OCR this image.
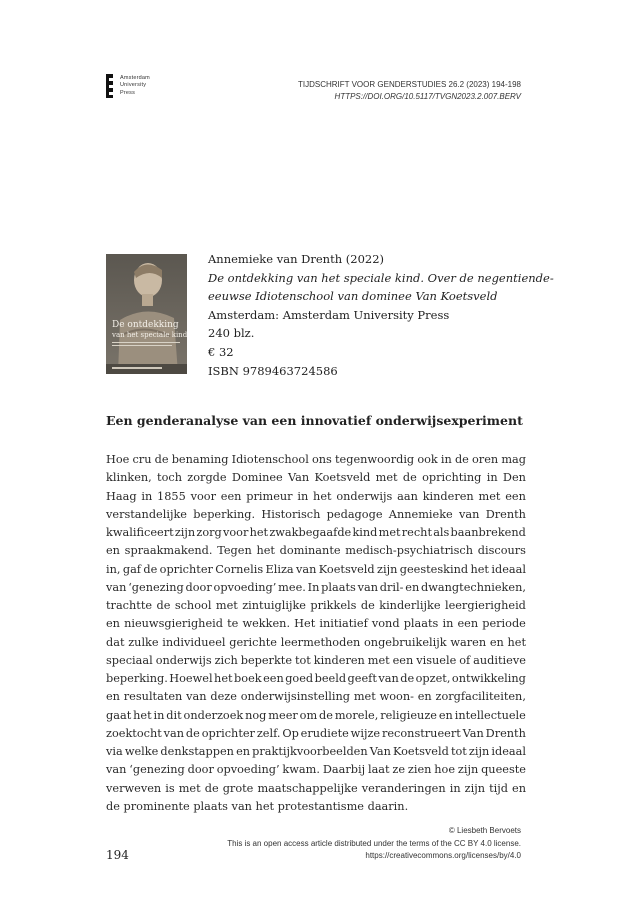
Amsterdam
University
Press
TIJDSCHRIFT VOOR GENDERSTUDIES 26.2 (2023) 194-198
HTTPS://DOI.ORG/10.5117/TVGN2023.2.007.BERV
De ontdekking
van het speciale kind
Annemieke van Drenth (2022)
De ontdekking van het speciale kind. Over de negentiende-
eeuwse Idiotenschool van dominee Van Koetsveld
Amsterdam: Amsterdam University Press
240 blz.
€ 32
ISBN 9789463724586
Een genderanalyse van een innovatief onderwijsexperiment
Hoe cru de benaming Idiotenschool ons tegenwoordig ook in de oren mag
klinken, toch zorgde Dominee Van Koetsveld met de oprichting in Den
Haag in 1855 voor een primeur in het onderwijs aan kinderen met een
verstandelijke beperking. Historisch pedagoge Annemieke van Drenth
kwalificeert zijn zorg voor het zwakbegaafde kind met recht als baanbrekend
en spraakmakend. Tegen het dominante medisch-psychiatrisch discours
in, gaf de oprichter Cornelis Eliza van Koetsveld zijn geesteskind het ideaal
van ‘genezing door opvoeding’ mee. In plaats van dril- en dwangtechnieken,
trachtte de school met zintuiglijke prikkels de kinderlijke leergierigheid
en nieuwsgierigheid te wekken. Het initiatief vond plaats in een periode
dat zulke individueel gerichte leermethoden ongebruikelijk waren en het
speciaal onderwijs zich beperkte tot kinderen met een visuele of auditieve
beperking. Hoewel het boek een goed beeld geeft van de opzet, ontwikkeling
en resultaten van deze onderwijsinstelling met woon- en zorgfaciliteiten,
gaat het in dit onderzoek nog meer om de morele, religieuze en intellectuele
zoektocht van de oprichter zelf. Op erudiete wijze reconstrueert Van Drenth
via welke denkstappen en praktijkvoorbeelden Van Koetsveld tot zijn ideaal
van ‘genezing door opvoeding’ kwam. Daarbij laat ze zien hoe zijn queeste
verweven is met de grote maatschappelijke veranderingen in zijn tijd en
de prominente plaats van het protestantisme daarin.
194
© Liesbeth Bervoets
This is an open access article distributed under the terms of the CC BY 4.0 license.
https://creativecommons.org/licenses/by/4.0
